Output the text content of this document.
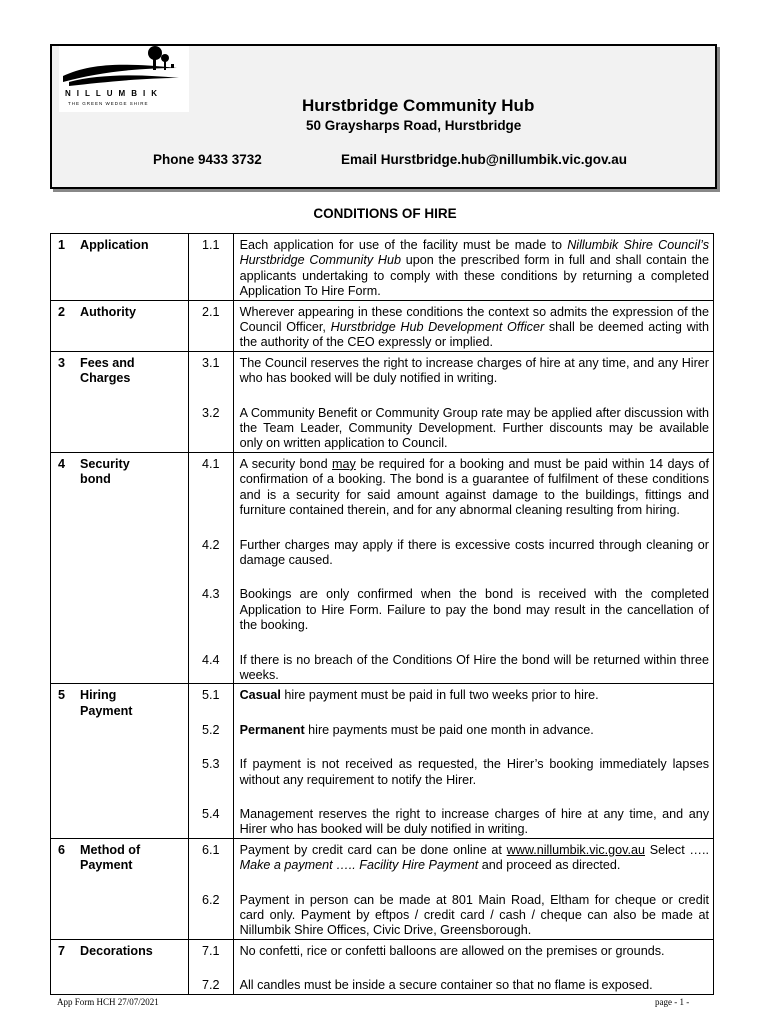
NILLUMBIK
THE GREEN WEDGE SHIRE	Hurstbridge Community Hub
50 Graysharps Road, Hurstbridge
Phone 9433 3732	Email Hurstbridge.hub@nillumbik.vic.gov.au
CONDITIONS OF HIRE
1 Application	1.1	Each application for use of the facility must be made to Nillumbik Shire Council’s Hurstbridge Community Hub upon the prescribed form in full and shall contain the applicants undertaking to comply with these conditions by returning a completed Application To Hire Form.
2 Authority	2.1	Wherever appearing in these conditions the context so admits the expression of the Council Officer, Hurstbridge Hub Development Officer shall be deemed acting with the authority of the CEO expressly or implied.
3 Fees and
Charges	3.1	The Council reserves the right to increase charges of hire at any time, and any Hirer who has booked will be duly notified in writing.

	3.2	A Community Benefit or Community Group rate may be applied after discussion with the Team Leader, Community Development. Further discounts may be available only on written application to Council.
4 Security
bond	4.1	A security bond may be required for a booking and must be paid within 14 days of confirmation of a booking. The bond is a guarantee of fulfilment of these conditions and is a security for said amount against damage to the buildings, fittings and furniture contained therein, and for any abnormal cleaning resulting from hiring.

	4.2	Further charges may apply if there is excessive costs incurred through cleaning or damage caused.

	4.3	Bookings are only confirmed when the bond is received with the completed Application to Hire Form. Failure to pay the bond may result in the cancellation of the booking.

	4.4	If there is no breach of the Conditions Of Hire the bond will be returned within three weeks.
5 Hiring
Payment	5.1	Casual hire payment must be paid in full two weeks prior to hire.

	5.2	Permanent hire payments must be paid one month in advance.

	5.3	If payment is not received as requested, the Hirer’s booking immediately lapses without any requirement to notify the Hirer.

	5.4	Management reserves the right to increase charges of hire at any time, and any Hirer who has booked will be duly notified in writing.
6 Method of
Payment	6.1	Payment by credit card can be done online at www.nillumbik.vic.gov.au Select ….. Make a payment ….. Facility Hire Payment and proceed as directed.

	6.2	Payment in person can be made at 801 Main Road, Eltham for cheque or credit card only. Payment by eftpos / credit card / cash / cheque can also be made at Nillumbik Shire Offices, Civic Drive, Greensborough.
7 Decorations	7.1	No confetti, rice or confetti balloons are allowed on the premises or grounds.

	7.2	All candles must be inside a secure container so that no flame is exposed.
App Form HCH 27/07/2021	page - 1 -
